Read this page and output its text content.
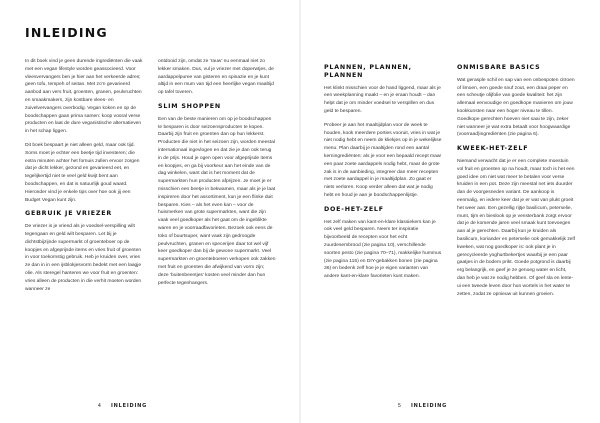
INLEIDING

In dit boek vind je geen durende ingrediënten die vaak met een vegan lifestyle worden geassocieerd. Voor vleesvervangers ben je hier aan het verkeerde adres; geen tofu, tempeh of seitan. Met zo’n gevarieerd aanbod aan vers fruit, groenten, granen, peulvruchten en smaakmakers, zijn kostbare vlees- en zuivelvervangers overbodig. Vegan koken en op de boodschappen gaan prima samen: koop vooral verse producten en laat de dure veganistische alternatieven in het schap liggen.

Dit boek bespaart je niet alleen geld, maar ook tijd. Soms moet je echter een beetje tijd investeren; die extra minuten achter het fornuis zullen ervoor zorgen dat je dicht lekker, gezond en gevarieerd eet, en tegelijkertijd niet te veel geld kwijt bent aan boodschappen, en dat is natuurlijk goud waard. Hieronder vind je enkele tips over hoe ook jij een Budget Vegan kunt zijn.

GEBRUIK JE VRIEZER

De vriezer is je vriend als je voedsel-verspilling wilt tegengaan en geld wilt besparen. Let bij je dichtstbijzijnde supermarkt of groenteboer op de koopjes en afgeprijsde items en vries fruit of groenten in voor toekomstig gebruik. Heb je kruiden over, vries ze dan in in een ijsblokjesvorm bedekt met een laagje olie. Als steregel hanteren we voor fruit en groenten: vries alleen de producten in die verhit moeten worden wanneer ze

ontdooid zijn, omdat ze ‘rauw’ nu eenmaal niet zo lekker smaken. Dus, vul je vriezer met doperwtjes, de aardappelpuree van gisteren en spinazie en je kunt altijd in een mum van tijd een heerlijke vegan maaltijd op tafel toveren.

SLIM SHOPPEN

Een van de beste manieren om op je boodschappen te besparen is door seizoensproducten te kopen. Daarbij zijn fruit en groenten dan op hun lekkerst. Producten die niet in het seizoen zijn, worden meestal internationaal ingevlogen en dat zie je dan ook terug in de prijs. Houd je ogen open voor afgeprijsde items en koopjes, en ga bij voorkeur aan het einde van de dag winkelen, want dat is het moment dat de supermarkten hun producten afprijzen. Je moet je er misschien een beetje in bekwamen, maar als je je laat inspireren door het assortiment, kun je een flinke duit besparen. Kies – als het even kan – voor de huismerken van grote supermarkten, want die zijn vaak veel goedkoper als het gaat om de ingeblikte waren en je voorraadfavorieten. Bezoek ook eens de toko of buurtsuper, want vaak zijn gedroogde peulvruchten, granen en specerijen daar tot wel vijf keer goedkoper dan bij de gewone supermarkt. Veel supermarkten en groenteboeren verkopen ook zakken met fruit en groenten die afwijkend van vorm zijn; deze ‘buitenbeentjes’ kosten veel minder dan hun perfecte tegenhangers.

4 INLEIDING
PLANNEN, PLANNEN, PLANNEN

Het klinkt misschien voor de hand liggend, maar als je een weekplanning maakt – en je eraan houdt – dan helpt dat je om minder voedsel te verspillen en dus geld te besparen.

Probeer je aan het maaltijdplan voor de week te houden, kook meerdere porties vooruit, vries in wat je niet nodig hebt en neem de kliekjes op in je wekelijkse menu. Plan daarbij je maaltijden rond een aantal kerningrediënten: als je voor een bepaald recept maar een paar zoete aardappels nodig hebt, maar de grote zak is in de aanbieding, integreer dan meer recepten met zoete aardappel in je maaltijdplan. Zo gaat er niets verloren. Koop verder alleen dat wat je nodig hebt en houd je aan je boodschappenlijstje.

DOE-HET-ZELF

Het zelf maken van kant-en-klare klassiekers kan je ook veel geld besparen. Neem ter inspiratie bijvoorbeeld de recepten voor het echt zuurdesembrood (zie pagina 10), verschillende soorten pesto (zie pagina 70–71), makkelijke hummus (zie pagina 115) en DIY-gebakken bonen (zie pagina 36) en bedenk zelf hoe je je eigen varianten van andere kant-en-klare favorieten kunt maken.

ONMISBARE BASICS

Wat gerasple schil en sap van een onbespoten citroen of limoen, een goede snuf zout, een draai peper en een scheutje olijfolie van goede kwaliteit: het zijn allemaal eenvoudige en goedkope manieren om jouw kookkunsten naar een hoger niveau te tillen. Goedkope gerechten hoeven niet saai te zijn, zeker niet wanneer je wat extra betaalt voor hoogwaardige (voorraad)ingrediënten (zie pagina 6).

KWEEK-HET-ZELF

Niemand verwacht dat je er een complete moestuin vol fruit en groenten op na houdt, maar toch is het een goed idee om niet wat meer te betalen voor verse kruiden in een pot. Deze zijn meestal net iets duurder dan de voorgesneden variant. De aankoop is eenmalig, en iedere keer dat je er wat van plukt groeit het weer aan. Een gezellig rijtje basilicum, peterselie, munt, tijm en bieslook op je vensterbank zorgt ervoor dat je de komende jaren veel smaak kunt toevoegen aan al je gerechten. Daarbij kun je kruiden als basilicum, koriander en peterselie ook gemakkelijk zelf kweken, wat nog goedkoper is: ook plant je in gerecycleerde yoghurtbekertjes waarbij je een paar gaatjes in de bodem prikt. Goede potgrond is daarbij erg belangrijk, en geef je ze genoeg water en licht, dan heb je wat ze nodig hebben. Of geef sla en lente-ui een tweede leven door hun wortels in het water te zetten, zodat ze opnieuw uit kunnen groeien.

5 INLEIDING
